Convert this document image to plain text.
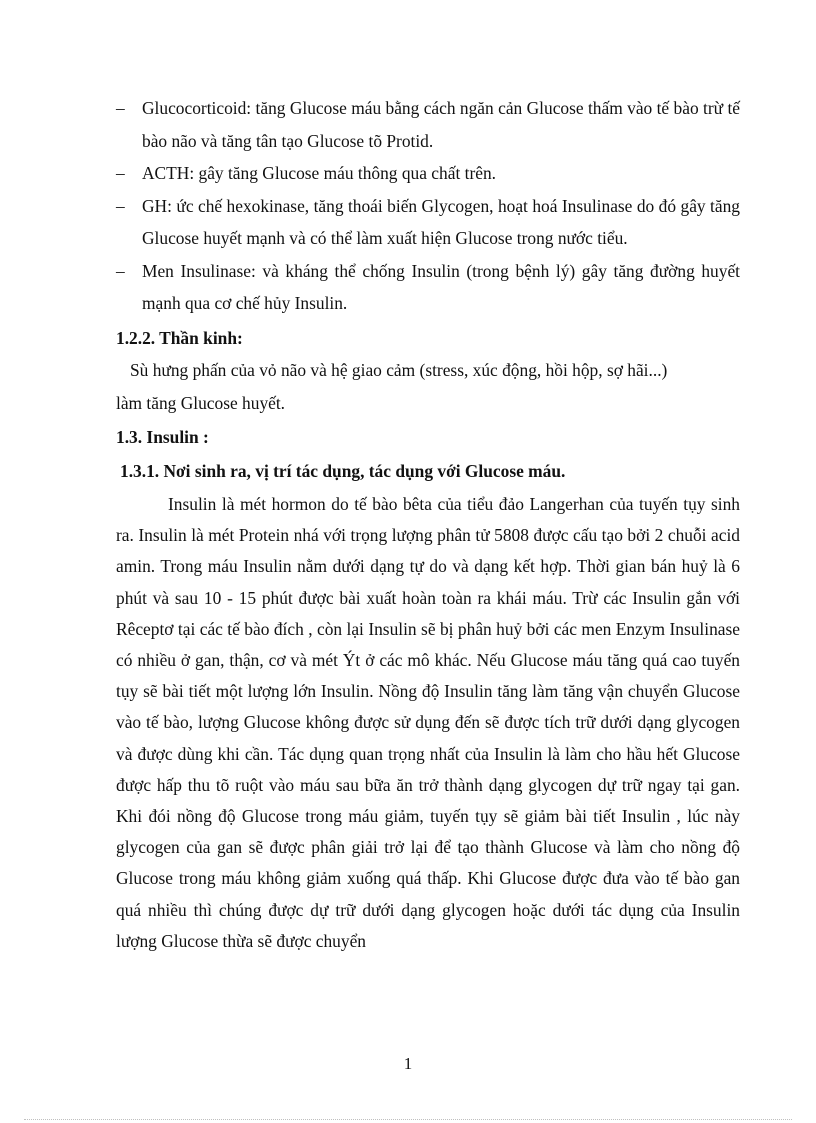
– Glucocorticoid: tăng Glucose máu bằng cách ngăn cản Glucose thấm vào tế bào trừ tế bào não và tăng tân tạo Glucose tõ Protid.
– ACTH: gây tăng Glucose máu thông qua chất trên.
– GH: ức chế hexokinase, tăng thoái biến Glycogen, hoạt hoá Insulinase do đó gây tăng Glucose huyết mạnh và có thể làm xuất hiện Glucose trong nước tiểu.
– Men Insulinase: và kháng thể chống Insulin (trong bệnh lý) gây tăng đường huyết mạnh qua cơ chế hủy Insulin.
1.2.2. Thần kinh:
Sù hưng phấn của vỏ não và hệ giao cảm (stress, xúc động, hồi hộp, sợ hãi...)
làm tăng Glucose huyết.
1.3. Insulin :
1.3.1. Nơi sinh ra, vị trí tác dụng, tác dụng với Glucose máu.
Insulin là mét hormon do tế bào bêta của tiểu đảo Langerhan của tuyến tụy sinh ra. Insulin là mét Protein nhá với trọng lượng phân tử 5808 được cấu tạo bởi 2 chuỗi acid amin. Trong máu Insulin nằm dưới dạng tự do và dạng kết hợp. Thời gian bán huỷ là 6 phút và sau 10 - 15 phút được bài xuất hoàn toàn ra khái máu. Trừ các Insulin gắn với Rêceptơ tại các tế bào đích , còn lại Insulin sẽ bị phân huỷ bởi các men Enzym Insulinase có nhiều ở gan, thận, cơ và mét Ýt ở các mô khác. Nếu Glucose máu tăng quá cao tuyến tụy sẽ bài tiết một lượng lớn Insulin. Nồng độ Insulin tăng làm tăng vận chuyển Glucose vào tế bào, lượng Glucose không được sử dụng đến sẽ được tích trữ dưới dạng glycogen và được dùng khi cần. Tác dụng quan trọng nhất của Insulin là làm cho hầu hết Glucose được hấp thu tõ ruột vào máu sau bữa ăn trở thành dạng glycogen dự trữ ngay tại gan. Khi đói nồng độ Glucose trong máu giảm, tuyến tụy sẽ giảm bài tiết Insulin , lúc này glycogen của gan sẽ được phân giải trở lại để tạo thành Glucose và làm cho nồng độ Glucose trong máu không giảm xuống quá thấp. Khi Glucose được đưa vào tế bào gan quá nhiều thì chúng được dự trữ dưới dạng glycogen hoặc dưới tác dụng của Insulin lượng Glucose thừa sẽ được chuyển
1
